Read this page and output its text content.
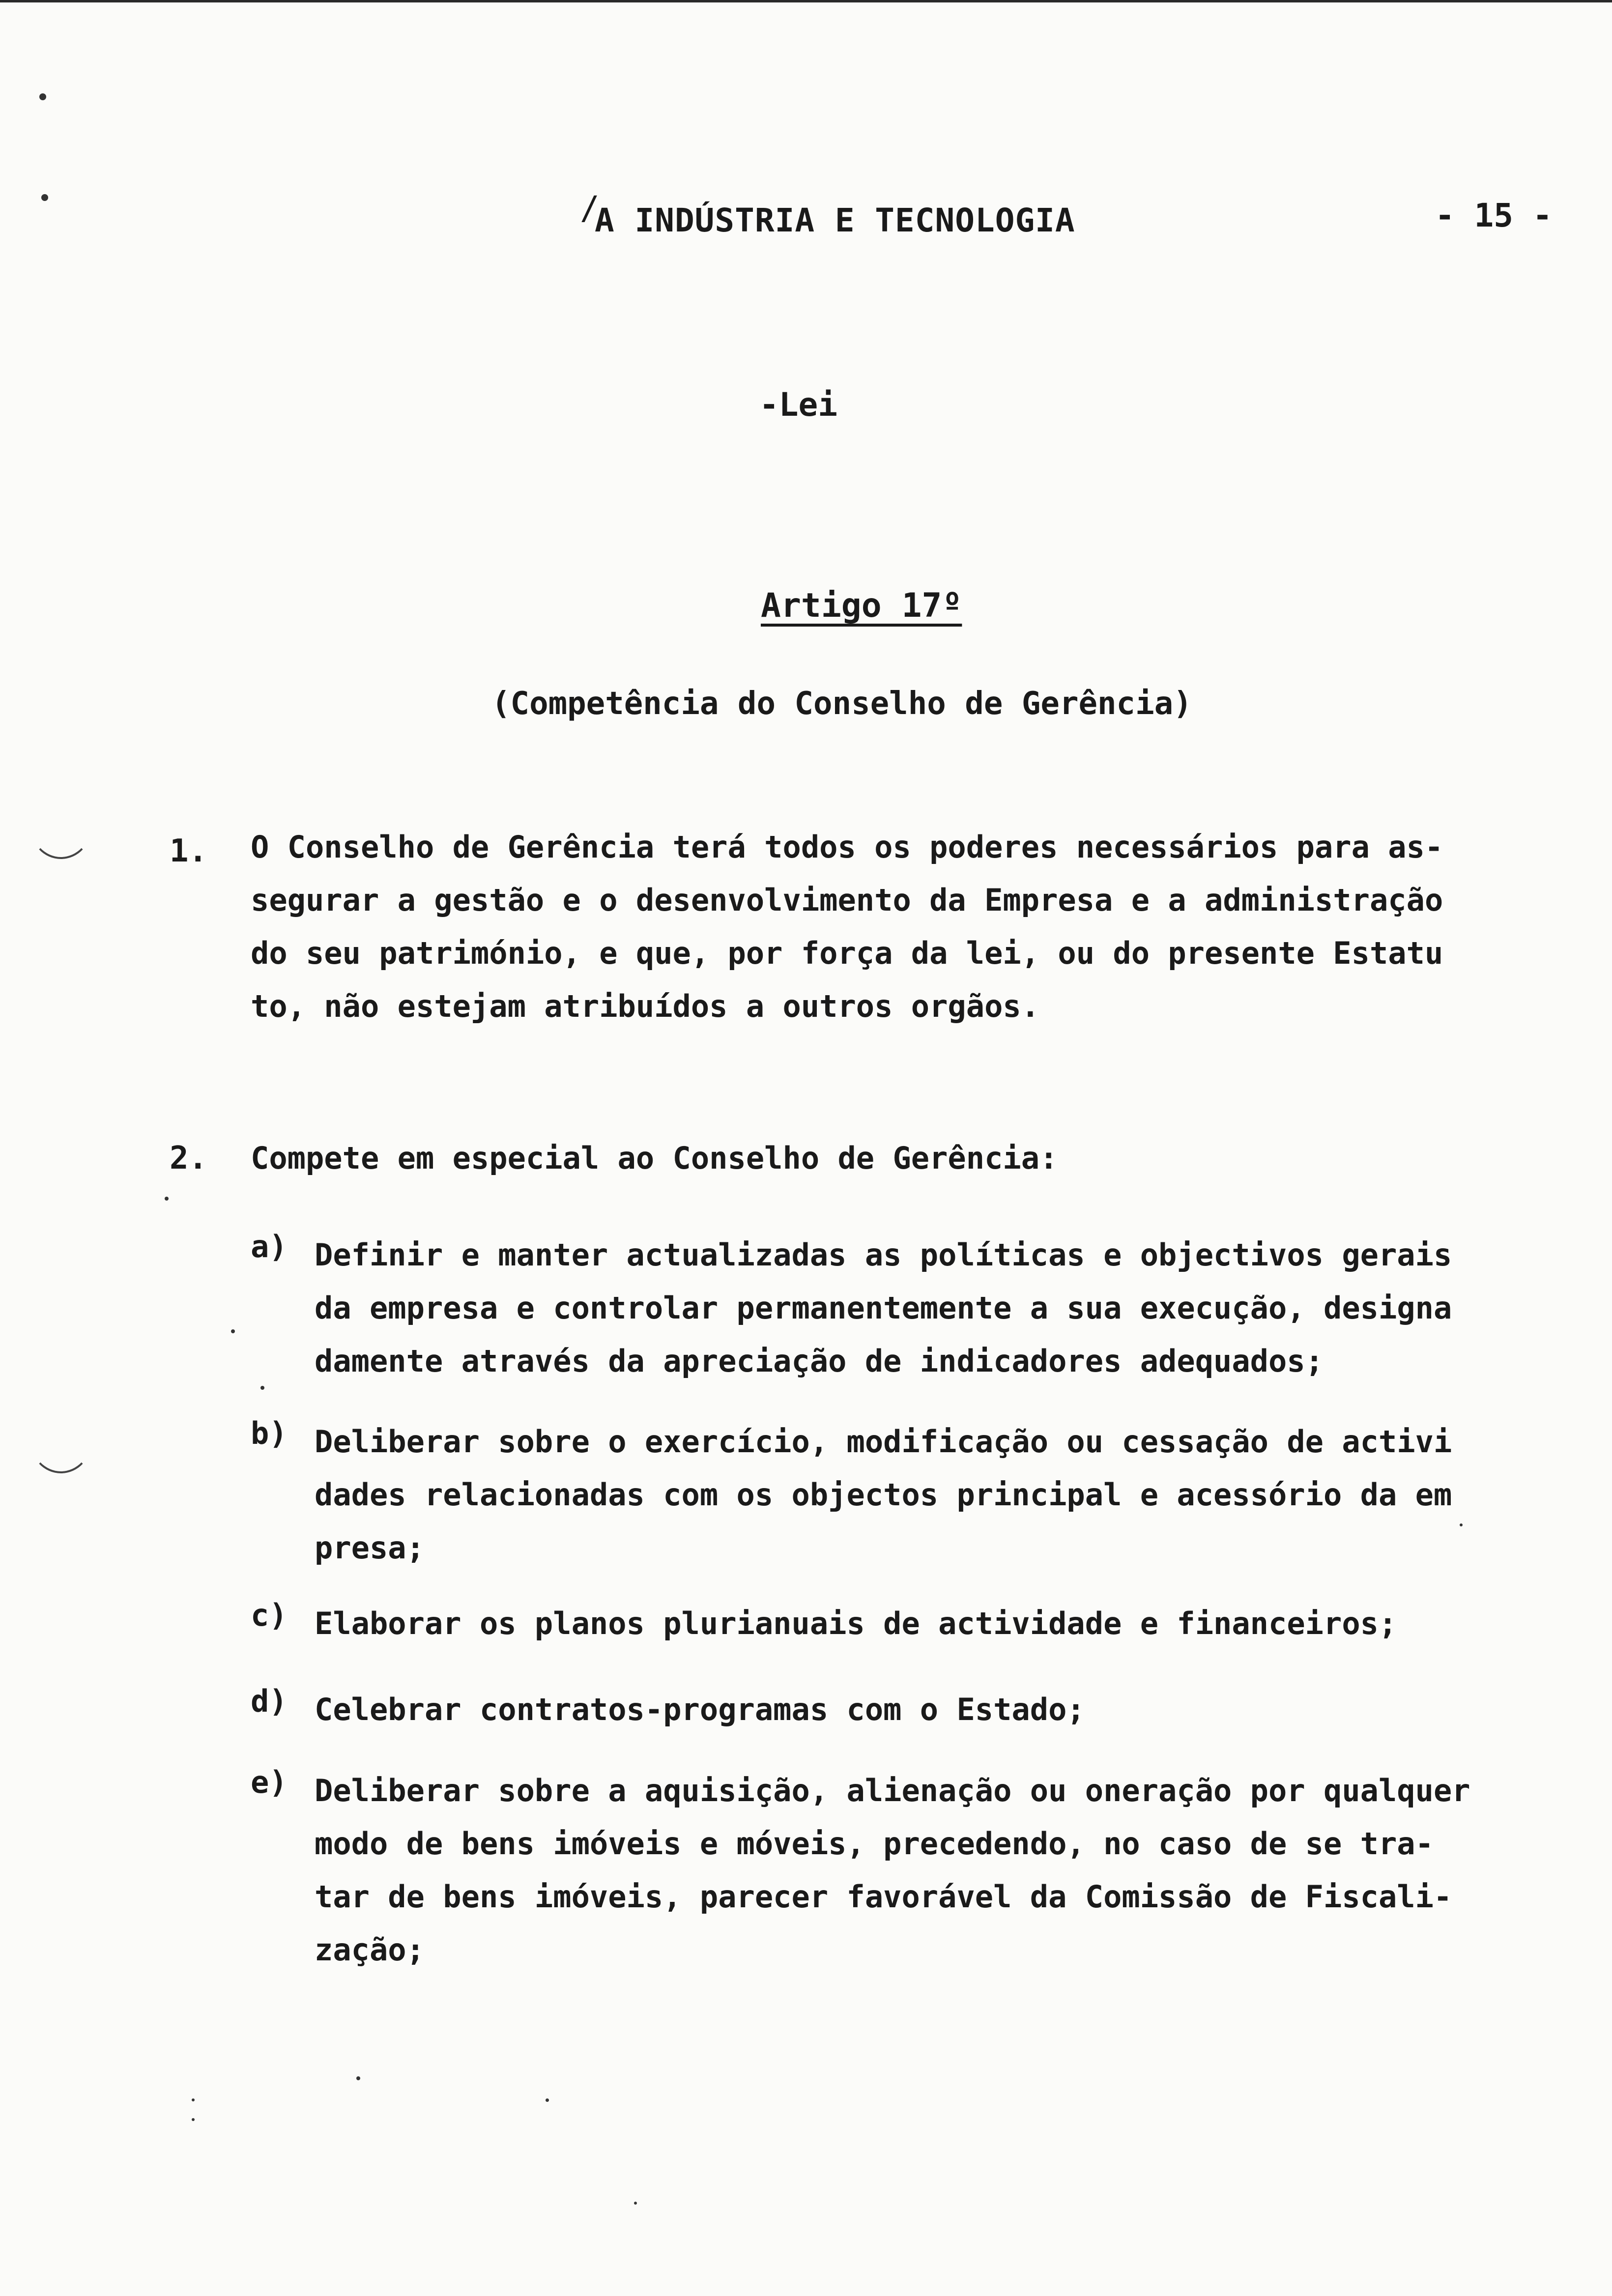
/
A INDÚSTRIA E TECNOLOGIA	- 15 -
-Lei
Artigo 17º
(Competência do Conselho de Gerência)
1. O Conselho de Gerência terá todos os poderes necessários para as-

segurar a gestão e o desenvolvimento da Empresa e a administração

do seu património, e que, por força da lei, ou do presente Estatu

to, não estejam atribuídos a outros orgãos.

2. Compete em especial ao Conselho de Gerência:
a) Definir e manter actualizadas as políticas e objectivos gerais

da empresa e controlar permanentemente a sua execução, designa

damente através da apreciação de indicadores adequados;

b) Deliberar sobre o exercício, modificação ou cessação de activi

dades relacionadas com os objectos principal e acessório da em

presa;

c) Elaborar os planos plurianuais de actividade e financeiros;

d) Celebrar contratos-programas com o Estado;

e) Deliberar sobre a aquisição, alienação ou oneração por qualquer

modo de bens imóveis e móveis, precedendo, no caso de se tra-

tar de bens imóveis, parecer favorável da Comissão de Fiscali-

zação;
